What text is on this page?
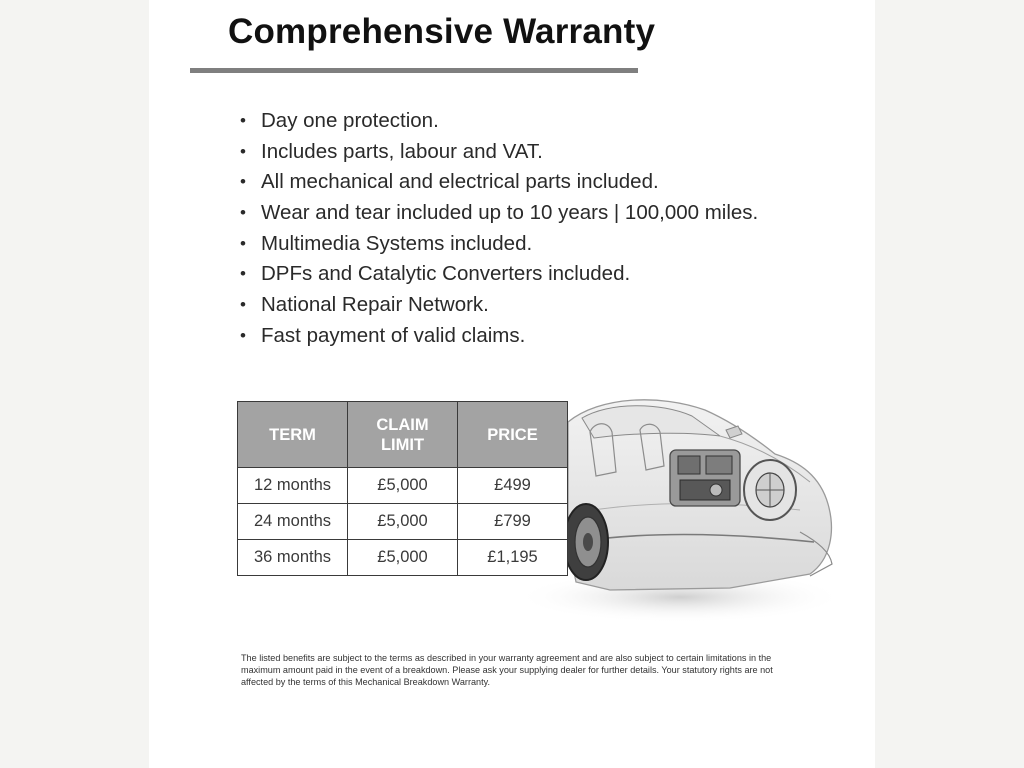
Comprehensive Warranty
• Day one protection.
• Includes parts, labour and VAT.
• All mechanical and electrical parts included.
• Wear and tear included up to 10 years | 100,000 miles.
• Multimedia Systems included.
• DPFs and Catalytic Converters included.
• National Repair Network.
• Fast payment of valid claims.
TERM	CLAIM LIMIT	PRICE
12 months	£5,000	£499
24 months	£5,000	£799
36 months	£5,000	£1,195
The listed benefits are subject to the terms as described in your warranty agreement and are also subject to certain limitations in the maximum amount paid in the event of a breakdown. Please ask your supplying dealer for further details. Your statutory rights are not affected by the terms of this Mechanical Breakdown Warranty.
